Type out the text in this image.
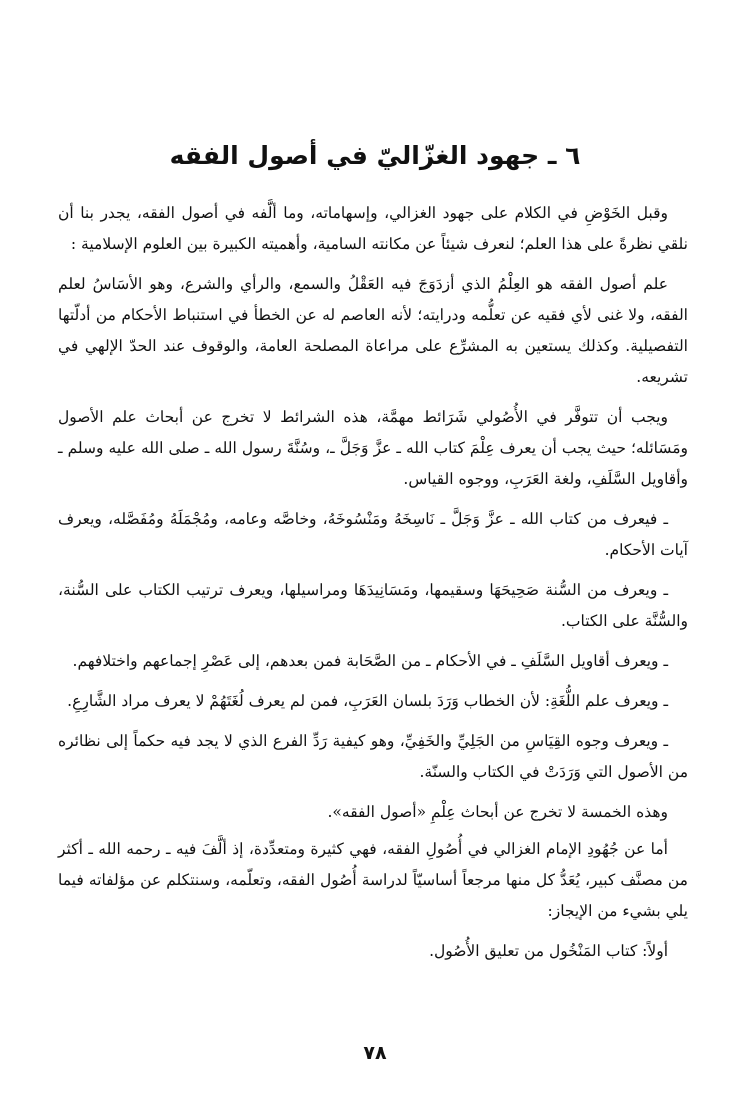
٦ ـ جهود الغزّاليّ في أصول الفقه

وقبل الخَوْضِ في الكلام على جهود الغزالي، وإسهاماته، وما ألَّفه في أصول الفقه، يجدر بنا أن نلقي نظرةً على هذا العلم؛ لنعرف شيئاً عن مكانته السامية، وأهميته الكبيرة بين العلوم الإسلامية :

علم أصول الفقه هو العِلْمُ الذي أزدَوَجَ فيه العَقْلُ والسمع، والرأي والشرع، وهو الأسَاسُ لعلم الفقه، ولا غنى لأي فقيه عن تعلُّمه ودرايته؛ لأنه العاصم له عن الخطأ في استنباط الأحكام من أدلّتها التفصيلية. وكذلك يستعين به المشرِّع على مراعاة المصلحة العامة، والوقوف عند الحدّ الإلهي في تشريعه.

ويجب أن تتوفَّر في الأُصُولي شَرَائط مهمَّة، هذه الشرائط لا تخرج عن أبحاث علم الأصول ومَسَائله؛ حيث يجب أن يعرف عِلْمَ كتاب الله ـ عزَّ وَجَلَّ ـ، وسُنَّةَ رسول الله ـ صلى الله عليه وسلم ـ وأقاويل السَّلَفِ، ولغة العَرَبِ، ووجوه القياس.

ـ فيعرف من كتاب الله ـ عزَّ وَجَلَّ ـ نَاسِخَهُ ومَنْسُوخَهُ، وخاصَّه وعامه، ومُجْمَلَهُ ومُفَصَّله، ويعرف آيات الأحكام.

ـ ويعرف من السُّنة صَحِيحَهَا وسقيمها، ومَسَانِيدَهَا ومراسيلها، ويعرف ترتيب الكتاب على السُّنة، والسُّنَّة على الكتاب.

ـ ويعرف أقاويل السَّلَفِ ـ في الأحكام ـ من الصَّحَابة فمن بعدهم، إلى عَصْرِ إجماعهم واختلافهم.

ـ ويعرف علم اللُّغَةِ: لأن الخطاب وَرَدَ بلسان العَرَبِ، فمن لم يعرف لُغَتَهُمْ لا يعرف مراد الشَّارِعِ.

ـ ويعرف وجوه القِيَاسِ من الجَلِيِّ والخَفِيِّ، وهو كيفية رَدِّ الفرع الذي لا يجد فيه حكماً إلى نظائره من الأصول التي وَرَدَتْ في الكتاب والسنّة.

وهذه الخمسة لا تخرج عن أبحاث عِلْمِ «أصول الفقه».

أما عن جُهُودِ الإمام الغزالي في أُصُولِ الفقه، فهي كثيرة ومتعدِّدة، إذ ألَّفَ فيه ـ رحمه الله ـ أكثر من مصنَّف كبير، يُعَدُّ كل منها مرجعاً أساسيّاً لدراسة أُصُول الفقه، وتعلّمه، وسنتكلم عن مؤلفاته فيما يلي بشيء من الإيجاز:

أولاً: كتاب المَنْخُول من تعليق الأُصُول.

٧٨
